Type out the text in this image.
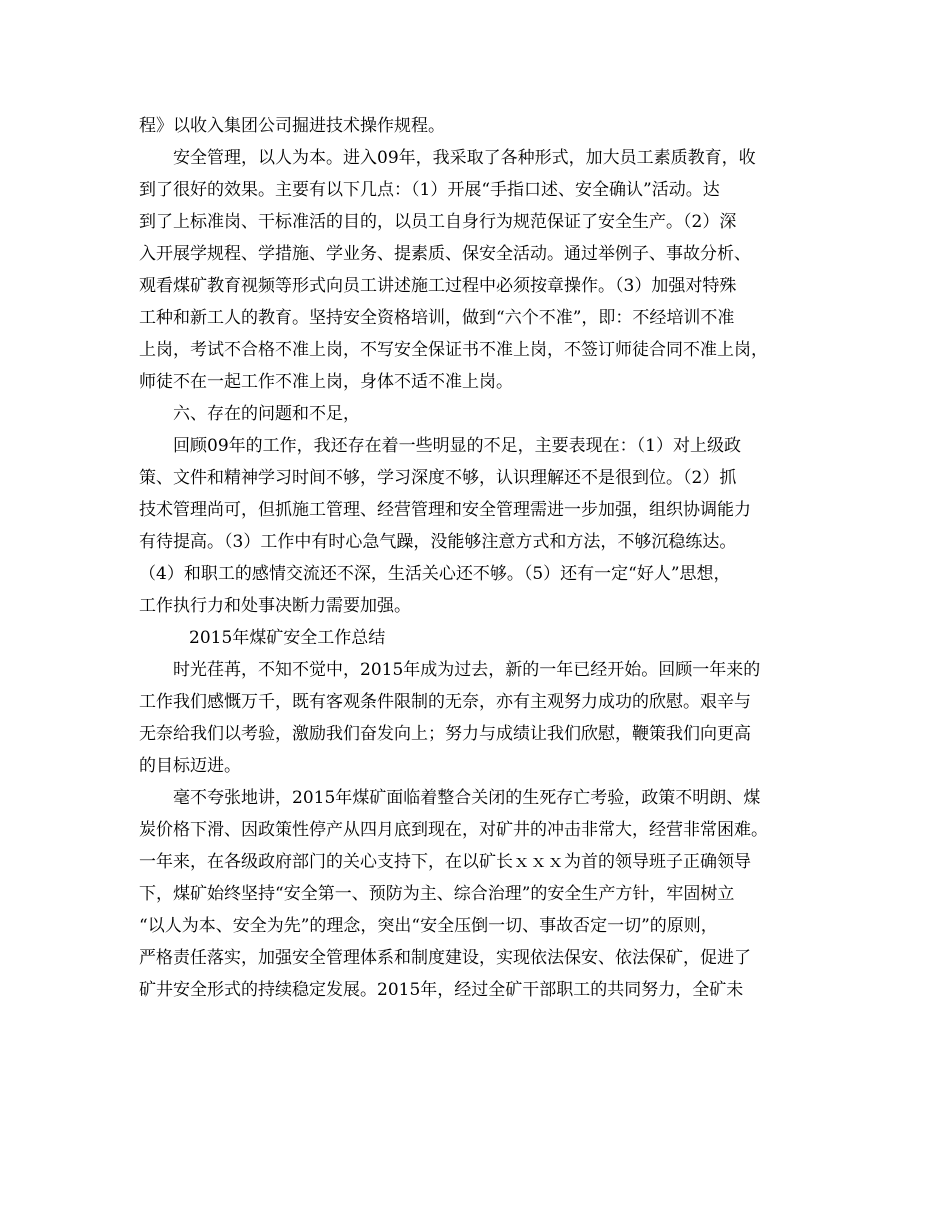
程》以收入集团公司掘进技术操作规程。
安全管理，以人为本。进入09年，我采取了各种形式，加大员工素质教育，收
到了很好的效果。主要有以下几点：（1）开展“手指口述、安全确认”活动。达
到了上标准岗、干标准活的目的，以员工自身行为规范保证了安全生产。（2）深
入开展学规程、学措施、学业务、提素质、保安全活动。通过举例子、事故分析、
观看煤矿教育视频等形式向员工讲述施工过程中必须按章操作。（3）加强对特殊
工种和新工人的教育。坚持安全资格培训，做到“六个不准”，即：不经培训不准
上岗，考试不合格不准上岗，不写安全保证书不准上岗，不签订师徒合同不准上岗，
师徒不在一起工作不准上岗，身体不适不准上岗。
六、存在的问题和不足，
回顾09年的工作，我还存在着一些明显的不足，主要表现在：（1）对上级政
策、文件和精神学习时间不够，学习深度不够，认识理解还不是很到位。（2）抓
技术管理尚可，但抓施工管理、经营管理和安全管理需进一步加强，组织协调能力
有待提高。（3）工作中有时心急气躁，没能够注意方式和方法，不够沉稳练达。
（4）和职工的感情交流还不深，生活关心还不够。（5）还有一定“好人”思想，
工作执行力和处事决断力需要加强。
2015年煤矿安全工作总结
时光荏苒，不知不觉中，2015年成为过去，新的一年已经开始。回顾一年来的
工作我们感慨万千，既有客观条件限制的无奈，亦有主观努力成功的欣慰。艰辛与
无奈给我们以考验，激励我们奋发向上；努力与成绩让我们欣慰，鞭策我们向更高
的目标迈进。
毫不夸张地讲，2015年煤矿面临着整合关闭的生死存亡考验，政策不明朗、煤
炭价格下滑、因政策性停产从四月底到现在，对矿井的冲击非常大，经营非常困难。
一年来，在各级政府部门的关心支持下，在以矿长ｘｘｘ为首的领导班子正确领导
下，煤矿始终坚持“安全第一、预防为主、综合治理”的安全生产方针，牢固树立
“以人为本、安全为先”的理念，突出“安全压倒一切、事故否定一切”的原则，
严格责任落实，加强安全管理体系和制度建设，实现依法保安、依法保矿，促进了
矿井安全形式的持续稳定发展。2015年，经过全矿干部职工的共同努力，全矿未
